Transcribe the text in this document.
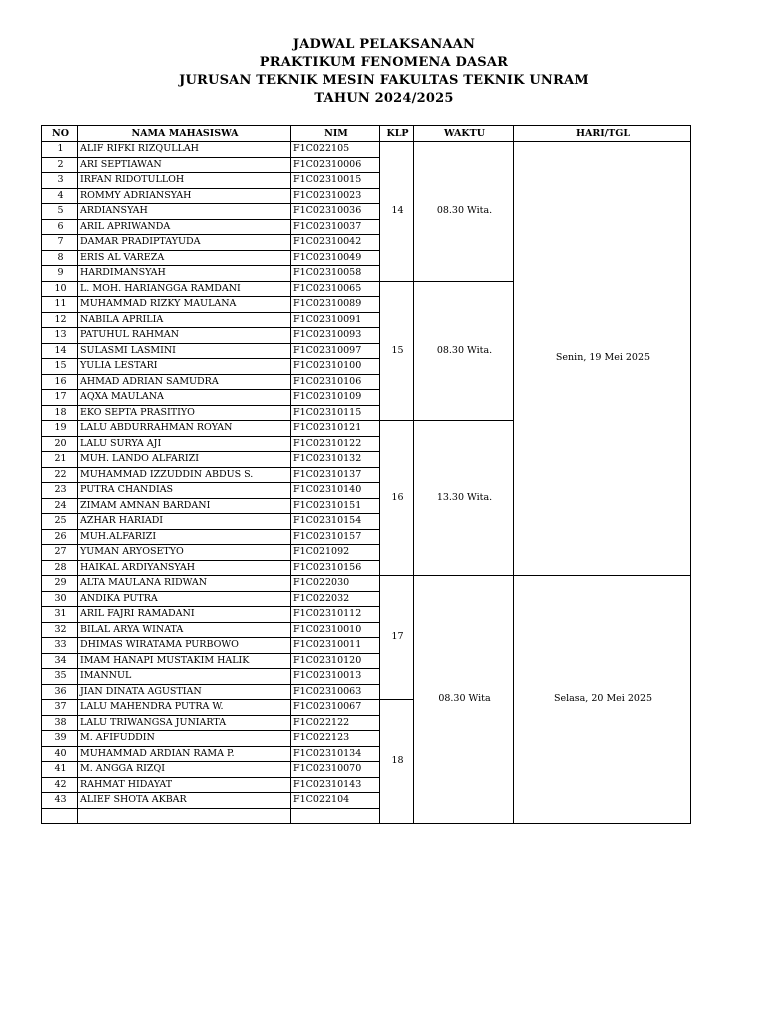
JADWAL PELAKSANAAN
PRAKTIKUM FENOMENA DASAR
JURUSAN TEKNIK MESIN FAKULTAS TEKNIK UNRAM
TAHUN 2024/2025
NO	NAMA MAHASISWA	NIM	KLP	WAKTU	HARI/TGL
1	ALIF RIFKI RIZQULLAH	F1C022105	14	08.30 Wita.	Senin, 19 Mei 2025
2	ARI SEPTIAWAN	F1C02310006			
3	IRFAN RIDOTULLOH	F1C02310015			
4	ROMMY ADRIANSYAH	F1C02310023			
5	ARDIANSYAH	F1C02310036			
6	ARIL APRIWANDA	F1C02310037			
7	DAMAR PRADIPTAYUDA	F1C02310042			
8	ERIS AL VAREZA	F1C02310049			
9	HARDIMANSYAH	F1C02310058			
10	L. MOH. HARIANGGA RAMDANI	F1C02310065	15	08.30 Wita.	
11	MUHAMMAD RIZKY MAULANA	F1C02310089			
12	NABILA APRILIA	F1C02310091			
13	PATUHUL RAHMAN	F1C02310093			
14	SULASMI LASMINI	F1C02310097			
15	YULIA LESTARI	F1C02310100			
16	AHMAD ADRIAN SAMUDRA	F1C02310106			
17	AQXA MAULANA	F1C02310109			
18	EKO SEPTA PRASITIYO	F1C02310115			
19	LALU ABDURRAHMAN ROYAN	F1C02310121	16	13.30 Wita.	
20	LALU SURYA AJI	F1C02310122			
21	MUH. LANDO ALFARIZI	F1C02310132			
22	MUHAMMAD IZZUDDIN ABDUS S.	F1C02310137			
23	PUTRA CHANDIAS	F1C02310140			
24	ZIMAM AMNAN BARDANI	F1C02310151			
25	AZHAR HARIADI	F1C02310154			
26	MUH.ALFARIZI	F1C02310157			
27	YUMAN ARYOSETYO	F1C021092			
28	HAIKAL ARDIYANSYAH	F1C02310156			
29	ALTA MAULANA RIDWAN	F1C022030	17	08.30 Wita	Selasa, 20 Mei 2025
30	ANDIKA PUTRA	F1C022032			
31	ARIL FAJRI RAMADANI	F1C02310112			
32	BILAL ARYA WINATA	F1C02310010			
33	DHIMAS WIRATAMA PURBOWO	F1C02310011			
34	IMAM HANAPI MUSTAKIM HALIK	F1C02310120			
35	IMANNUL	F1C02310013			
36	JIAN DINATA AGUSTIAN	F1C02310063			
37	LALU MAHENDRA PUTRA W.	F1C02310067	18		
38	LALU TRIWANGSA JUNIARTA	F1C022122			
39	M. AFIFUDDIN	F1C022123			
40	MUHAMMAD ARDIAN RAMA P.	F1C02310134			
41	M. ANGGA RIZQI	F1C02310070			
42	RAHMAT HIDAYAT	F1C02310143			
43	ALIEF SHOTA AKBAR	F1C022104			
